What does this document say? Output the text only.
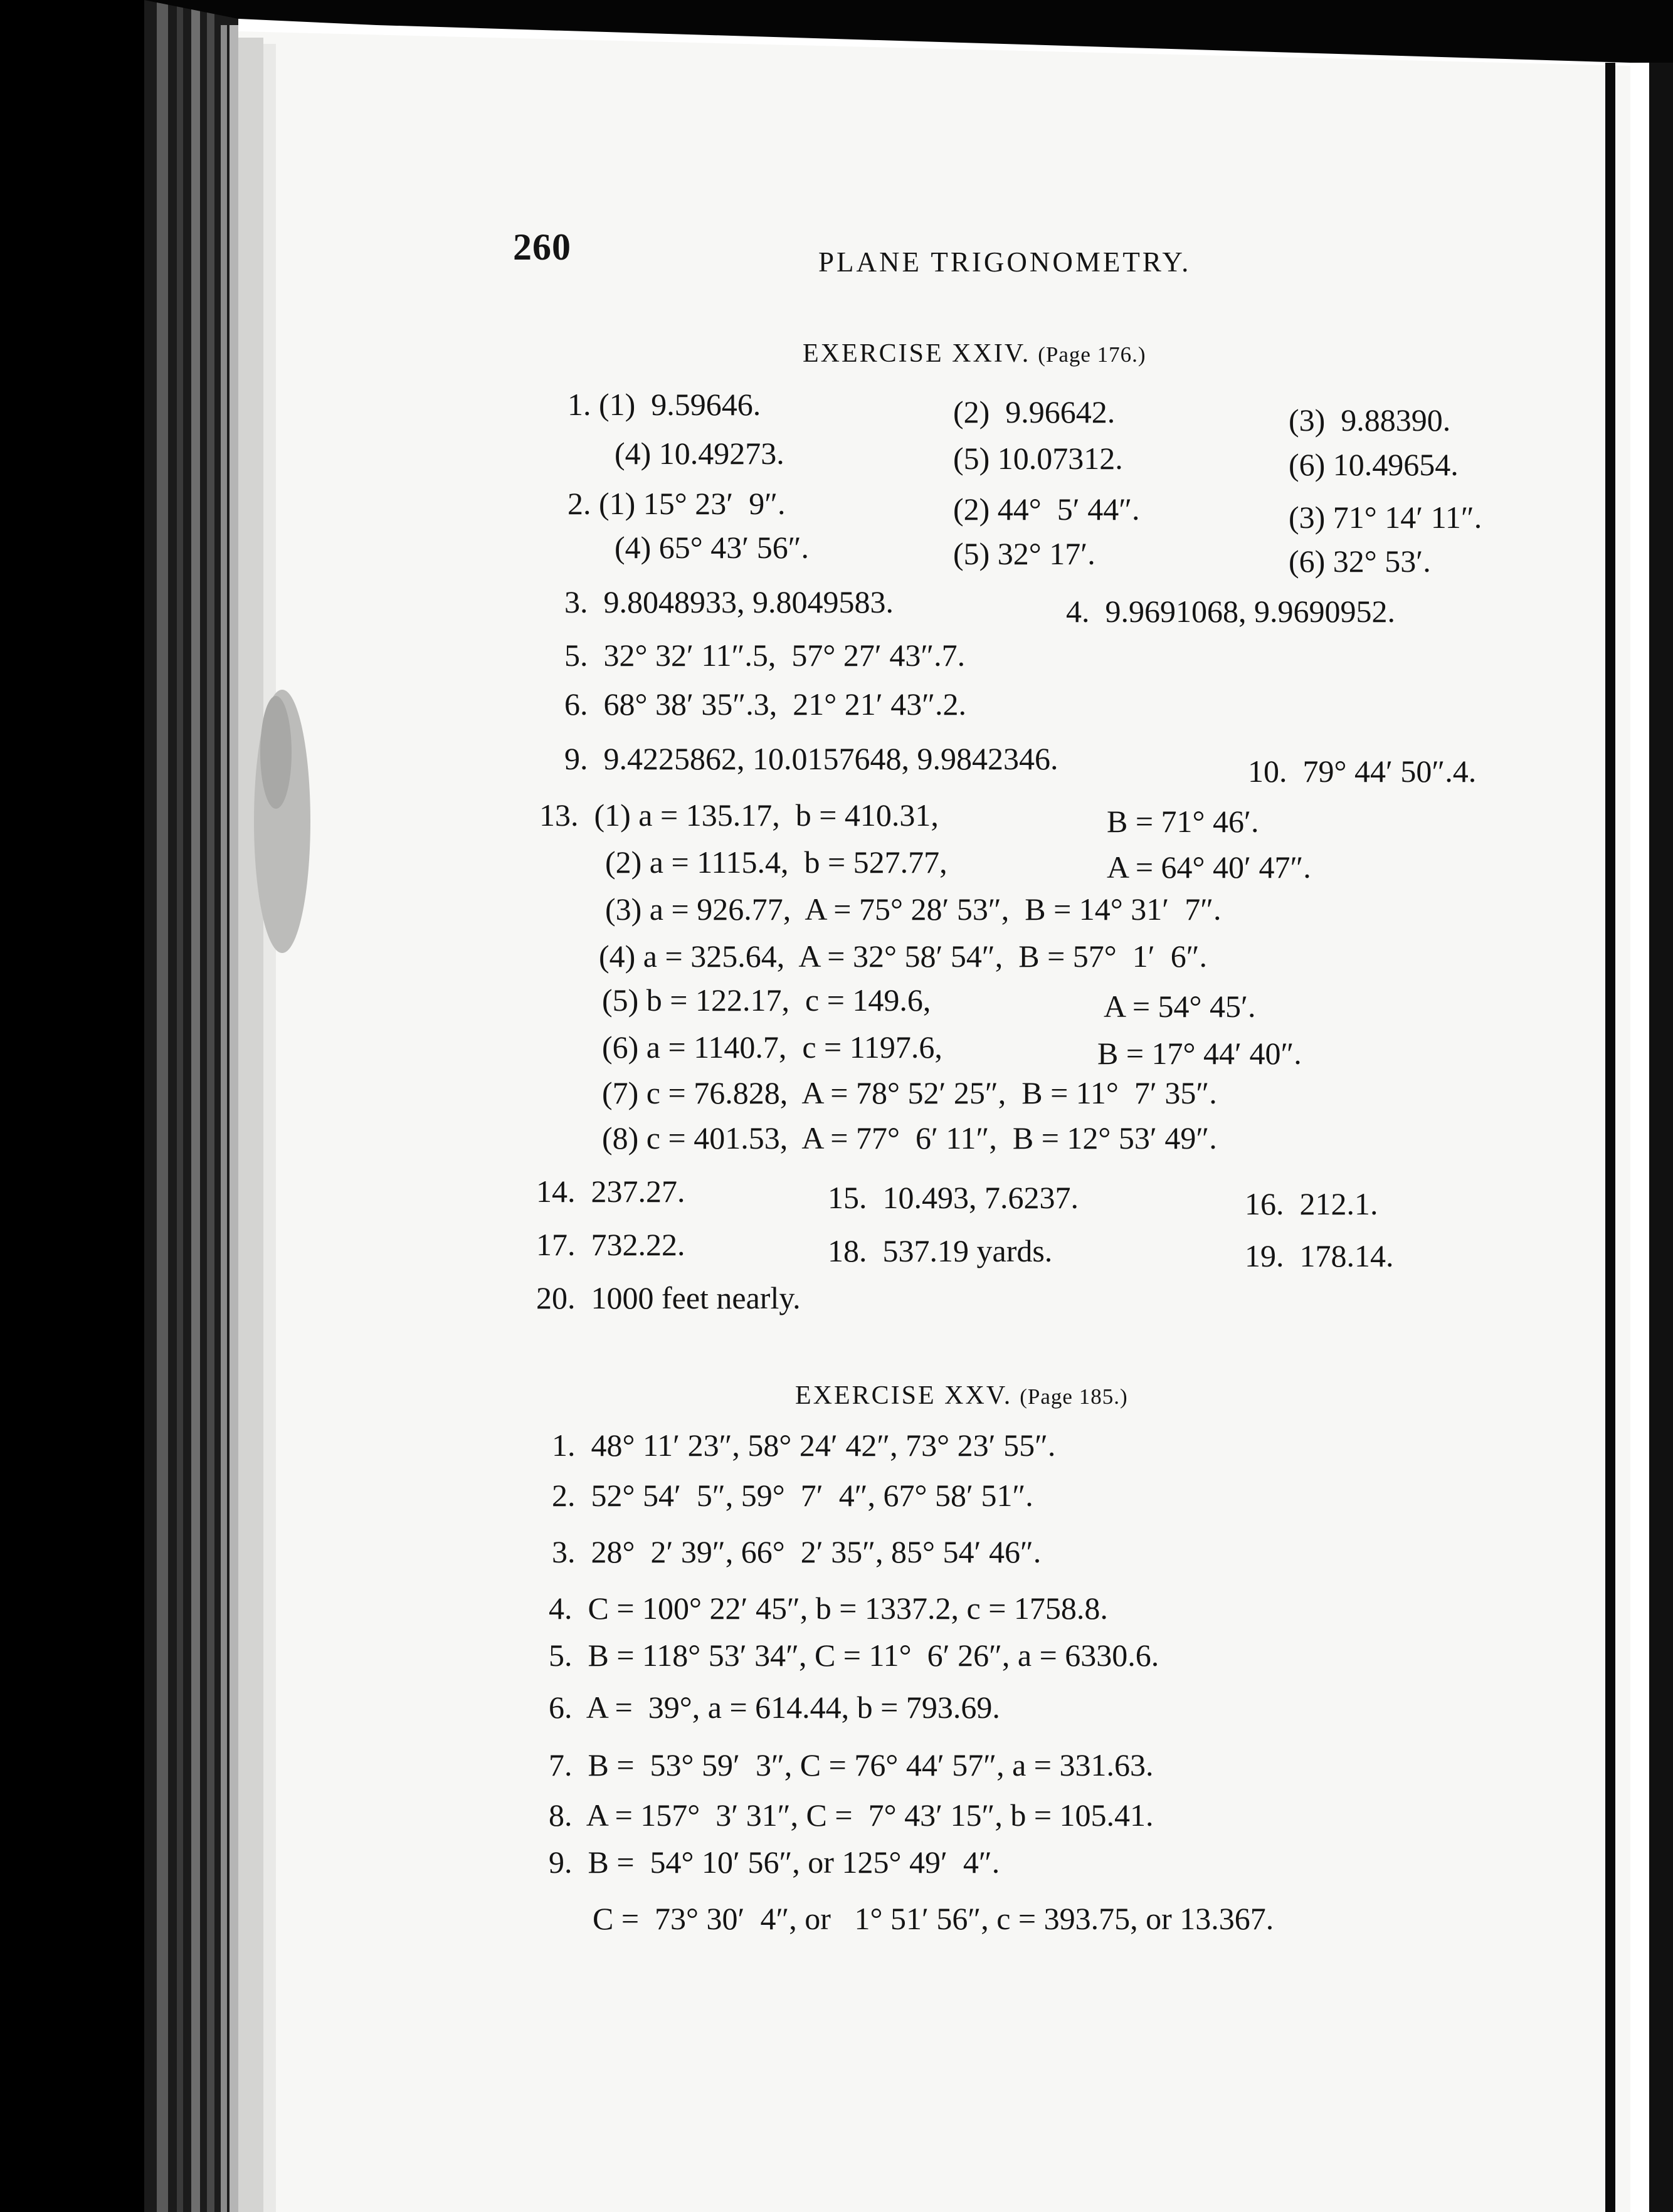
260	PLANE TRIGONOMETRY.
EXERCISE XXIV. (Page 176.)
1. (1)  9.59646.	(2)  9.96642.	(3)  9.88390.
(4) 10.49273.	(5) 10.07312.	(6) 10.49654.
2. (1) 15° 23′  9″.	(2) 44°  5′ 44″.	(3) 71° 14′ 11″.
(4) 65° 43′ 56″.	(5) 32° 17′.	(6) 32° 53′.
3.  9.8048933, 9.8049583.	4.  9.9691068, 9.9690952.
5.  32° 32′ 11″.5,  57° 27′ 43″.7.
6.  68° 38′ 35″.3,  21° 21′ 43″.2.
9.  9.4225862, 10.0157648, 9.9842346.	10.  79° 44′ 50″.4.
13.  (1) a = 135.17,  b = 410.31,	B = 71° 46′.
(2) a = 1115.4,  b = 527.77,	A = 64° 40′ 47″.
(3) a = 926.77,  A = 75° 28′ 53″,  B = 14° 31′  7″.
(4) a = 325.64,  A = 32° 58′ 54″,  B = 57°  1′  6″.
(5) b = 122.17,  c = 149.6,	A = 54° 45′.
(6) a = 1140.7,  c = 1197.6,	B = 17° 44′ 40″.
(7) c = 76.828,  A = 78° 52′ 25″,  B = 11°  7′ 35″.
(8) c = 401.53,  A = 77°  6′ 11″,  B = 12° 53′ 49″.
14.  237.27.	15.  10.493, 7.6237.	16.  212.1.
17.  732.22.	18.  537.19 yards.	19.  178.14.
20.  1000 feet nearly.
EXERCISE XXV. (Page 185.)
1.  48° 11′ 23″, 58° 24′ 42″, 73° 23′ 55″.
2.  52° 54′  5″, 59°  7′  4″, 67° 58′ 51″.
3.  28°  2′ 39″, 66°  2′ 35″, 85° 54′ 46″.
4.  C = 100° 22′ 45″, b = 1337.2, c = 1758.8.
5.  B = 118° 53′ 34″, C = 11°  6′ 26″, a = 6330.6.
6.  A =  39°, a = 614.44, b = 793.69.
7.  B =  53° 59′  3″, C = 76° 44′ 57″, a = 331.63.
8.  A = 157°  3′ 31″, C =  7° 43′ 15″, b = 105.41.
9.  B =  54° 10′ 56″, or 125° 49′  4″.
C =  73° 30′  4″, or   1° 51′ 56″, c = 393.75, or 13.367.
